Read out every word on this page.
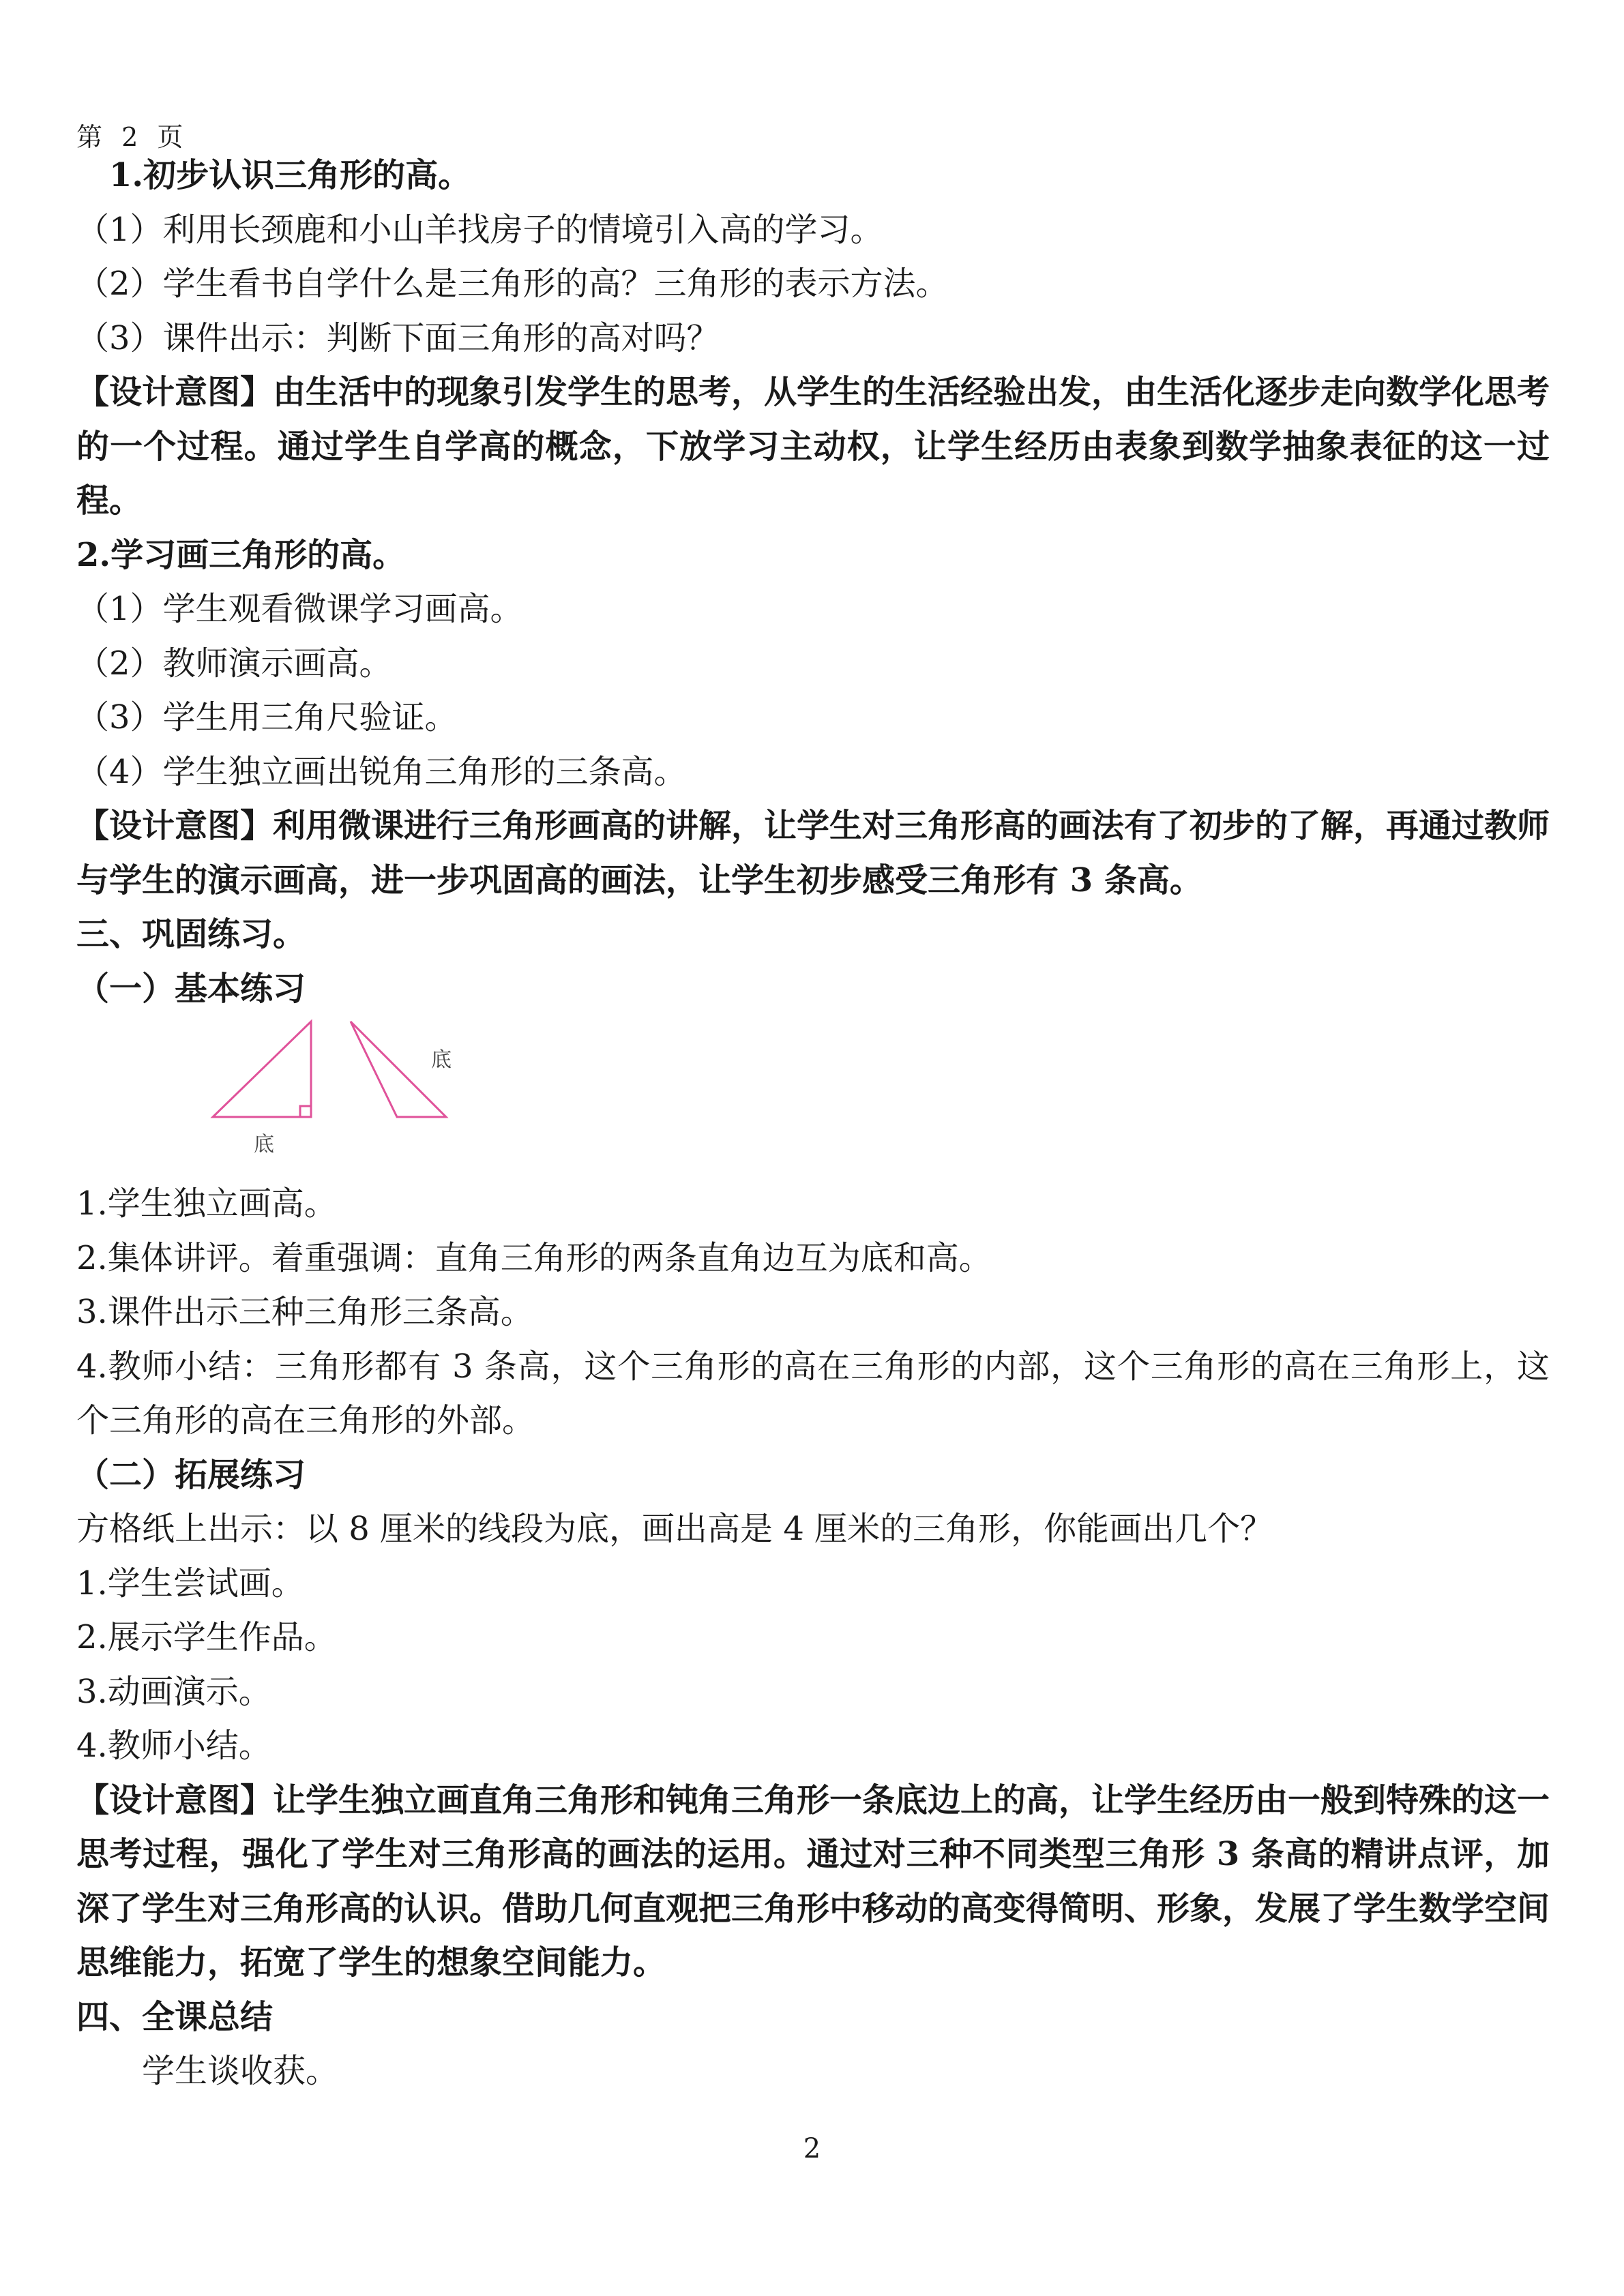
第 2 页

1.初步认识三角形的高。

（1）利用长颈鹿和小山羊找房子的情境引入高的学习。

（2）学生看书自学什么是三角形的高？三角形的表示方法。

（3）课件出示：判断下面三角形的高对吗？

【设计意图】由生活中的现象引发学生的思考，从学生的生活经验出发，由生活化逐步走向数学化思考的一个过程。通过学生自学高的概念，下放学习主动权，让学生经历由表象到数学抽象表征的这一过程。

2.学习画三角形的高。

（1）学生观看微课学习画高。

（2）教师演示画高。

（3）学生用三角尺验证。

（4）学生独立画出锐角三角形的三条高。

【设计意图】利用微课进行三角形画高的讲解，让学生对三角形高的画法有了初步的了解，再通过教师与学生的演示画高，进一步巩固高的画法，让学生初步感受三角形有 3 条高。

三、巩固练习。

（一）基本练习

底
底

1.学生独立画高。

2.集体讲评。着重强调：直角三角形的两条直角边互为底和高。

3.课件出示三种三角形三条高。

4.教师小结：三角形都有 3 条高，这个三角形的高在三角形的内部，这个三角形的高在三角形上，这个三角形的高在三角形的外部。

（二）拓展练习

方格纸上出示：以 8 厘米的线段为底，画出高是 4 厘米的三角形，你能画出几个？

1.学生尝试画。

2.展示学生作品。

3.动画演示。

4.教师小结。

【设计意图】让学生独立画直角三角形和钝角三角形一条底边上的高，让学生经历由一般到特殊的这一思考过程，强化了学生对三角形高的画法的运用。通过对三种不同类型三角形 3 条高的精讲点评，加深了学生对三角形高的认识。借助几何直观把三角形中移动的高变得简明、形象，发展了学生数学空间思维能力，拓宽了学生的想象空间能力。

四、全课总结

学生谈收获。

2
